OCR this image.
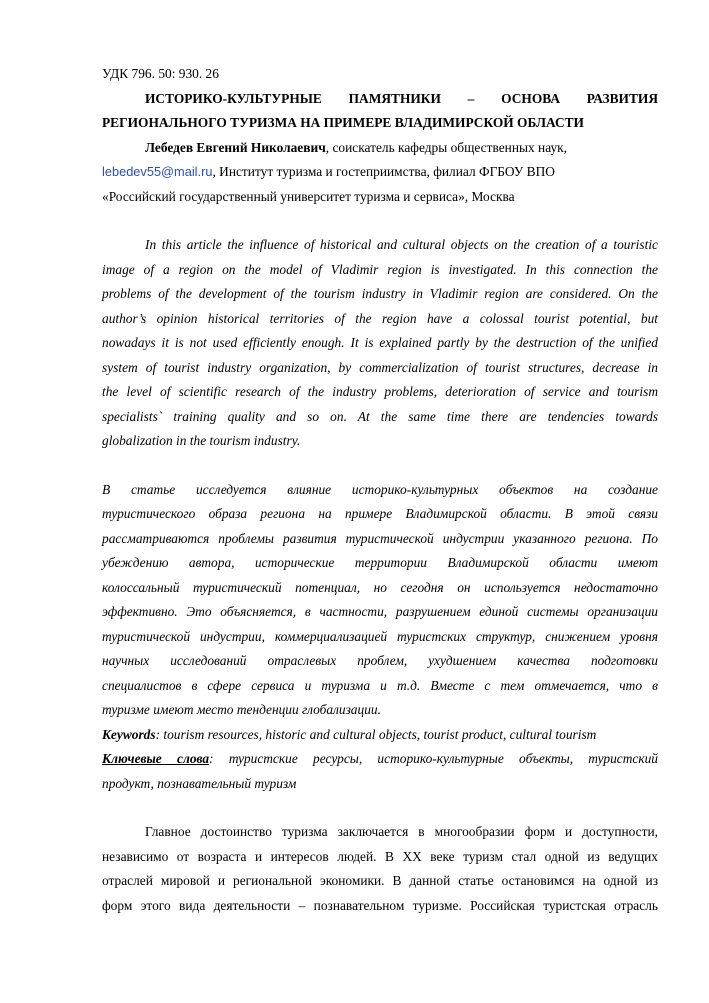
УДК 796. 50: 930. 26

ИСТОРИКО-КУЛЬТУРНЫЕ ПАМЯТНИКИ – ОСНОВА РАЗВИТИЯ

РЕГИОНАЛЬНОГО ТУРИЗМА НА ПРИМЕРЕ ВЛАДИМИРСКОЙ ОБЛАСТИ

Лебедев Евгений Николаевич, соискатель кафедры общественных наук,

lebedev55@mail.ru, Институт туризма и гостеприимства, филиал ФГБОУ ВПО

«Российский государственный университет туризма и сервиса», Москва

In this article the influence of historical and cultural objects on the creation of a touristic

image of a region on the model of Vladimir region is investigated. In this connection the

problems of the development of the tourism industry in Vladimir region are considered. On the

author’s opinion historical territories of the region have a colossal tourist potential, but

nowadays it is not used efficiently enough. It is explained partly by the destruction of the unified

system of tourist industry organization, by commercialization of tourist structures, decrease in

the level of scientific research of the industry problems, deterioration of service and tourism

specialists` training quality and so on. At the same time there are tendencies towards

globalization in the tourism industry.

В статье исследуется влияние историко-культурных объектов на создание

туристического образа региона на примере Владимирской области. В этой связи

рассматриваются проблемы развития туристической индустрии указанного региона. По

убеждению автора, исторические территории Владимирской области имеют

колоссальный туристический потенциал, но сегодня он используется недостаточно

эффективно. Это объясняется, в частности, разрушением единой системы организации

туристической индустрии, коммерциализацией туристских структур, снижением уровня

научных исследований отраслевых проблем, ухудшением качества подготовки

специалистов в сфере сервиса и туризма и т.д. Вместе с тем отмечается, что в

туризме имеют место тенденции глобализации.

Keywords: tourism resources, historic and cultural objects, tourist product, cultural tourism

Ключевые слова: туристские ресурсы, историко-культурные объекты, туристский

продукт, познавательный туризм

Главное достоинство туризма заключается в многообразии форм и доступности,

независимо от возраста и интересов людей. В ХХ веке туризм стал одной из ведущих

отраслей мировой и региональной экономики. В данной статье остановимся на одной из

форм этого вида деятельности – познавательном туризме. Российская туристская отрасль
